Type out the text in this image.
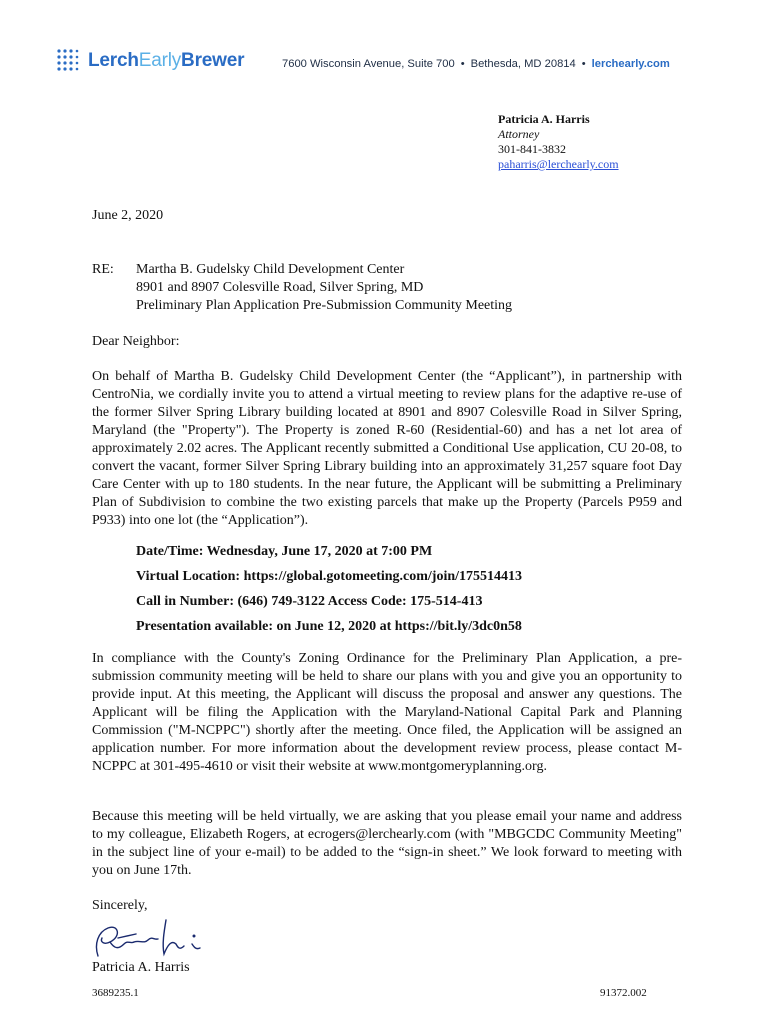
LerchEarlyBrewer	7600 Wisconsin Avenue, Suite 700 • Bethesda, MD 20814 • lerchearly.com
Patricia A. Harris
Attorney
301-841-3832
paharris@lerchearly.com
June 2, 2020
RE: Martha B. Gudelsky Child Development Center
8901 and 8907 Colesville Road, Silver Spring, MD
Preliminary Plan Application Pre-Submission Community Meeting
Dear Neighbor:
On behalf of Martha B. Gudelsky Child Development Center (the “Applicant”), in partnership with CentroNia, we cordially invite you to attend a virtual meeting to review plans for the adaptive re-use of the former Silver Spring Library building located at 8901 and 8907 Colesville Road in Silver Spring, Maryland (the "Property"). The Property is zoned R-60 (Residential-60) and has a net lot area of approximately 2.02 acres. The Applicant recently submitted a Conditional Use application, CU 20-08, to convert the vacant, former Silver Spring Library building into an approximately 31,257 square foot Day Care Center with up to 180 students. In the near future, the Applicant will be submitting a Preliminary Plan of Subdivision to combine the two existing parcels that make up the Property (Parcels P959 and P933) into one lot (the “Application”).
Date/Time: Wednesday, June 17, 2020 at 7:00 PM
Virtual Location: https://global.gotomeeting.com/join/175514413
Call in Number: (646) 749-3122 Access Code: 175-514-413
Presentation available: on June 12, 2020 at https://bit.ly/3dc0n58
In compliance with the County's Zoning Ordinance for the Preliminary Plan Application, a pre-submission community meeting will be held to share our plans with you and give you an opportunity to provide input. At this meeting, the Applicant will discuss the proposal and answer any questions. The Applicant will be filing the Application with the Maryland-National Capital Park and Planning Commission ("M-NCPPC") shortly after the meeting. Once filed, the Application will be assigned an application number. For more information about the development review process, please contact M-NCPPC at 301-495-4610 or visit their website at www.montgomeryplanning.org.
Because this meeting will be held virtually, we are asking that you please email your name and address to my colleague, Elizabeth Rogers, at ecrogers@lerchearly.com (with "MBGCDC Community Meeting" in the subject line of your e-mail) to be added to the “sign-in sheet.” We look forward to meeting with you on June 17th.
Sincerely,
Patricia A. Harris
3689235.1	91372.002
